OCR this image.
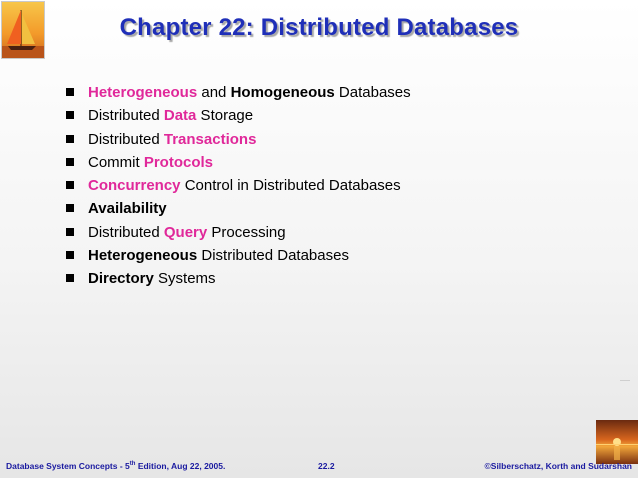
Chapter 22: Distributed Databases
Heterogeneous and Homogeneous Databases
Distributed Data Storage
Distributed Transactions
Commit Protocols
Concurrency Control in Distributed Databases
Availability
Distributed Query Processing
Heterogeneous Distributed Databases
Directory Systems
Database System Concepts - 5th Edition, Aug 22, 2005.	22.2	©Silberschatz, Korth and Sudarshan
